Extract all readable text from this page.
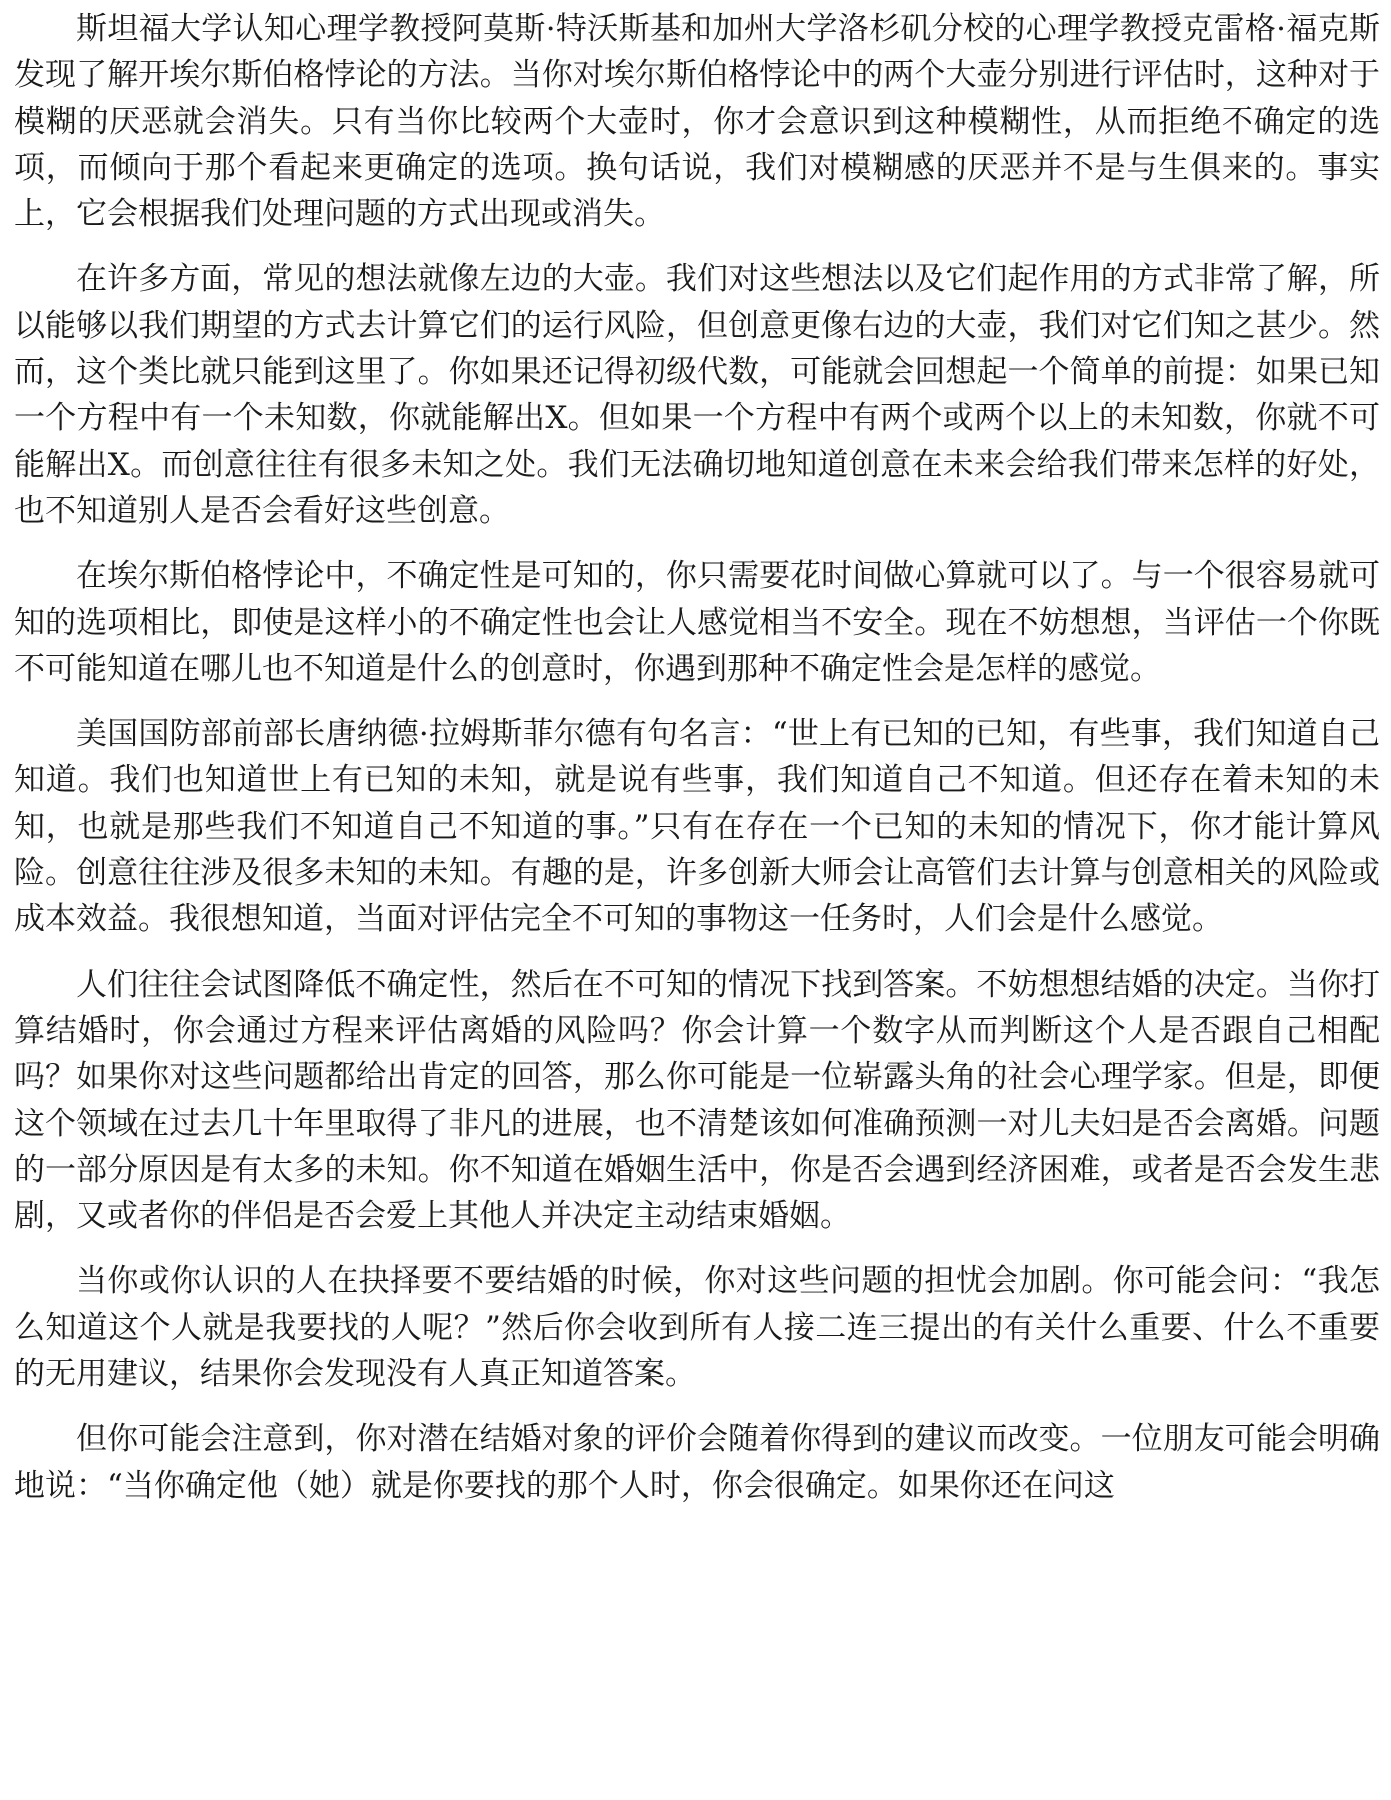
斯坦福大学认知心理学教授阿莫斯·特沃斯基和加州大学洛杉矶分校的心理学教授克雷格·福克斯发现了解开埃尔斯伯格悖论的方法。当你对埃尔斯伯格悖论中的两个大壶分别进行评估时，这种对于模糊的厌恶就会消失。只有当你比较两个大壶时，你才会意识到这种模糊性，从而拒绝不确定的选项，而倾向于那个看起来更确定的选项。换句话说，我们对模糊感的厌恶并不是与生俱来的。事实上，它会根据我们处理问题的方式出现或消失。

在许多方面，常见的想法就像左边的大壶。我们对这些想法以及它们起作用的方式非常了解，所以能够以我们期望的方式去计算它们的运行风险，但创意更像右边的大壶，我们对它们知之甚少。然而，这个类比就只能到这里了。你如果还记得初级代数，可能就会回想起一个简单的前提：如果已知一个方程中有一个未知数，你就能解出X。但如果一个方程中有两个或两个以上的未知数，你就不可能解出X。而创意往往有很多未知之处。我们无法确切地知道创意在未来会给我们带来怎样的好处，也不知道别人是否会看好这些创意。

在埃尔斯伯格悖论中，不确定性是可知的，你只需要花时间做心算就可以了。与一个很容易就可知的选项相比，即使是这样小的不确定性也会让人感觉相当不安全。现在不妨想想，当评估一个你既不可能知道在哪儿也不知道是什么的创意时，你遇到那种不确定性会是怎样的感觉。

美国国防部前部长唐纳德·拉姆斯菲尔德有句名言：“世上有已知的已知，有些事，我们知道自己知道。我们也知道世上有已知的未知，就是说有些事，我们知道自己不知道。但还存在着未知的未知，也就是那些我们不知道自己不知道的事。”只有在存在一个已知的未知的情况下，你才能计算风险。创意往往涉及很多未知的未知。有趣的是，许多创新大师会让高管们去计算与创意相关的风险或成本效益。我很想知道，当面对评估完全不可知的事物这一任务时，人们会是什么感觉。

人们往往会试图降低不确定性，然后在不可知的情况下找到答案。不妨想想结婚的决定。当你打算结婚时，你会通过方程来评估离婚的风险吗？你会计算一个数字从而判断这个人是否跟自己相配吗？如果你对这些问题都给出肯定的回答，那么你可能是一位崭露头角的社会心理学家。但是，即便这个领域在过去几十年里取得了非凡的进展，也不清楚该如何准确预测一对儿夫妇是否会离婚。问题的一部分原因是有太多的未知。你不知道在婚姻生活中，你是否会遇到经济困难，或者是否会发生悲剧，又或者你的伴侣是否会爱上其他人并决定主动结束婚姻。

当你或你认识的人在抉择要不要结婚的时候，你对这些问题的担忧会加剧。你可能会问：“我怎么知道这个人就是我要找的人呢？”然后你会收到所有人接二连三提出的有关什么重要、什么不重要的无用建议，结果你会发现没有人真正知道答案。

但你可能会注意到，你对潜在结婚对象的评价会随着你得到的建议而改变。一位朋友可能会明确地说：“当你确定他（她）就是你要找的那个人时，你会很确定。如果你还在问这
